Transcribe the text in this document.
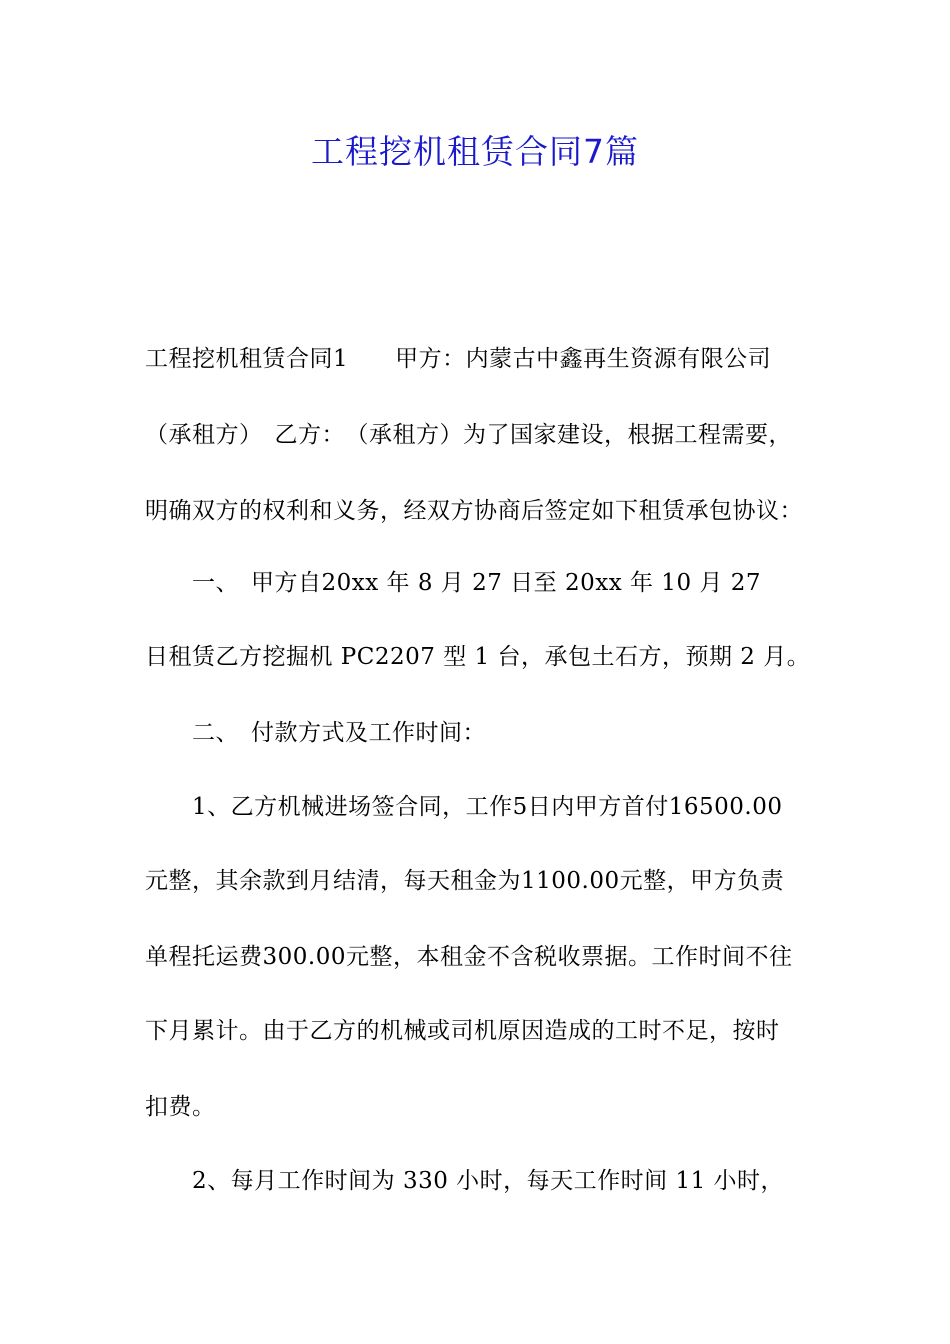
工程挖机租赁合同7篇
工程挖机租赁合同1　　甲方：内蒙古中鑫再生资源有限公司
（承租方）　乙方：　（承租方）为了国家建设，根据工程需要，
明确双方的权利和义务，经双方协商后签定如下租赁承包协议：
一、　甲方自20xx 年 8 月 27 日至 20xx 年 10 月 27
日租赁乙方挖掘机 PC2207 型 1 台，承包土石方，预期 2 月。
二、　付款方式及工作时间：
1、乙方机械进场签合同，工作5日内甲方首付16500.00
元整，其余款到月结清，每天租金为1100.00元整，甲方负责
单程托运费300.00元整，本租金不含税收票据。工作时间不往
下月累计。由于乙方的机械或司机原因造成的工时不足，按时
扣费。
2、每月工作时间为 330 小时，每天工作时间 11 小时，
